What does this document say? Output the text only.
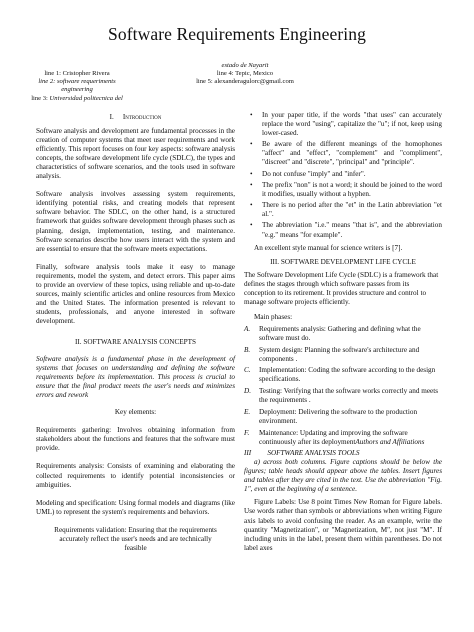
Software Requirements Engineering
line 1: Cristopher Rivera
line 2: software requeriments
engineering
line 3: Universidad politecnica del
estado de Nayarit
line 4: Tepic, Mexico
line 5: alexanderagulorc@gmail.com

I. Introduction

Software analysis and development are fundamental processes in the creation of computer systems that meet user requirements and work efficiently. This report focuses on four key aspects: software analysis concepts, the software development life cycle (SDLC), the types and characteristics of software scenarios, and the tools used in software analysis.

Software analysis involves assessing system requirements, identifying potential risks, and creating models that represent software behavior. The SDLC, on the other hand, is a structured framework that guides software development through phases such as planning, design, implementation, testing, and maintenance. Software scenarios describe how users interact with the system and are essential to ensure that the software meets expectations.

Finally, software analysis tools make it easy to manage requirements, model the system, and detect errors. This paper aims to provide an overview of these topics, using reliable and up-to-date sources, mainly scientific articles and online resources from Mexico and the United States. The information presented is relevant to students, professionals, and anyone interested in software development.

II. SOFTWARE ANALYSIS CONCEPTS

Software analysis is a fundamental phase in the development of systems that focuses on understanding and defining the software requirements before its implementation. This process is crucial to ensure that the final product meets the user's needs and minimizes errors and rework

Key elements:

Requirements gathering: Involves obtaining information from stakeholders about the functions and features that the software must provide.

Requirements analysis: Consists of examining and elaborating the collected requirements to identify potential inconsistencies or ambiguities.

Modeling and specification: Using formal models and diagrams (like UML) to represent the system's requirements and behaviors.

Requirements validation: Ensuring that the requirements accurately reflect the user's needs and are technically feasible

• In your paper title, if the words "that uses" can accurately replace the word "using", capitalize the "u"; if not, keep using lower-cased.
• Be aware of the different meanings of the homophones "affect" and "effect", "complement" and "compliment", "discreet" and "discrete", "principal" and "principle".
• Do not confuse "imply" and "infer".
• The prefix "non" is not a word; it should be joined to the word it modifies, usually without a hyphen.
• There is no period after the "et" in the Latin abbreviation "et al.".
• The abbreviation "i.e." means "that is", and the abbreviation "e.g." means "for example".

An excellent style manual for science writers is [7].

III. SOFTWARE DEVELOPMENT LIFE CYCLE

The Software Development Life Cycle (SDLC) is a framework that defines the stages through which software passes from its conception to its retirement. It provides structure and control to manage software projects efficiently.

Main phases:

A. Requirements analysis: Gathering and defining what the software must do.
B. System design: Planning the software's architecture and components .
C. Implementation: Coding the software according to the design specifications.
D. Testing: Verifying that the software works correctly and meets the requirements .
E. Deployment: Delivering the software to the production environment.
F. Maintenance: Updating and improving the software continuously after its deploymentAuthors and Affiliations

III SOFTWARE ANALYSIS TOOLS

a) across both columns. Figure captions should be below the figures; table heads should appear above the tables. Insert figures and tables after they are cited in the text. Use the abbreviation "Fig. 1", even at the beginning of a sentence.

Figure Labels: Use 8 point Times New Roman for Figure labels. Use words rather than symbols or abbreviations when writing Figure axis labels to avoid confusing the reader. As an example, write the quantity "Magnetization", or "Magnetization, M", not just "M". If including units in the label, present them within parentheses. Do not label axes
